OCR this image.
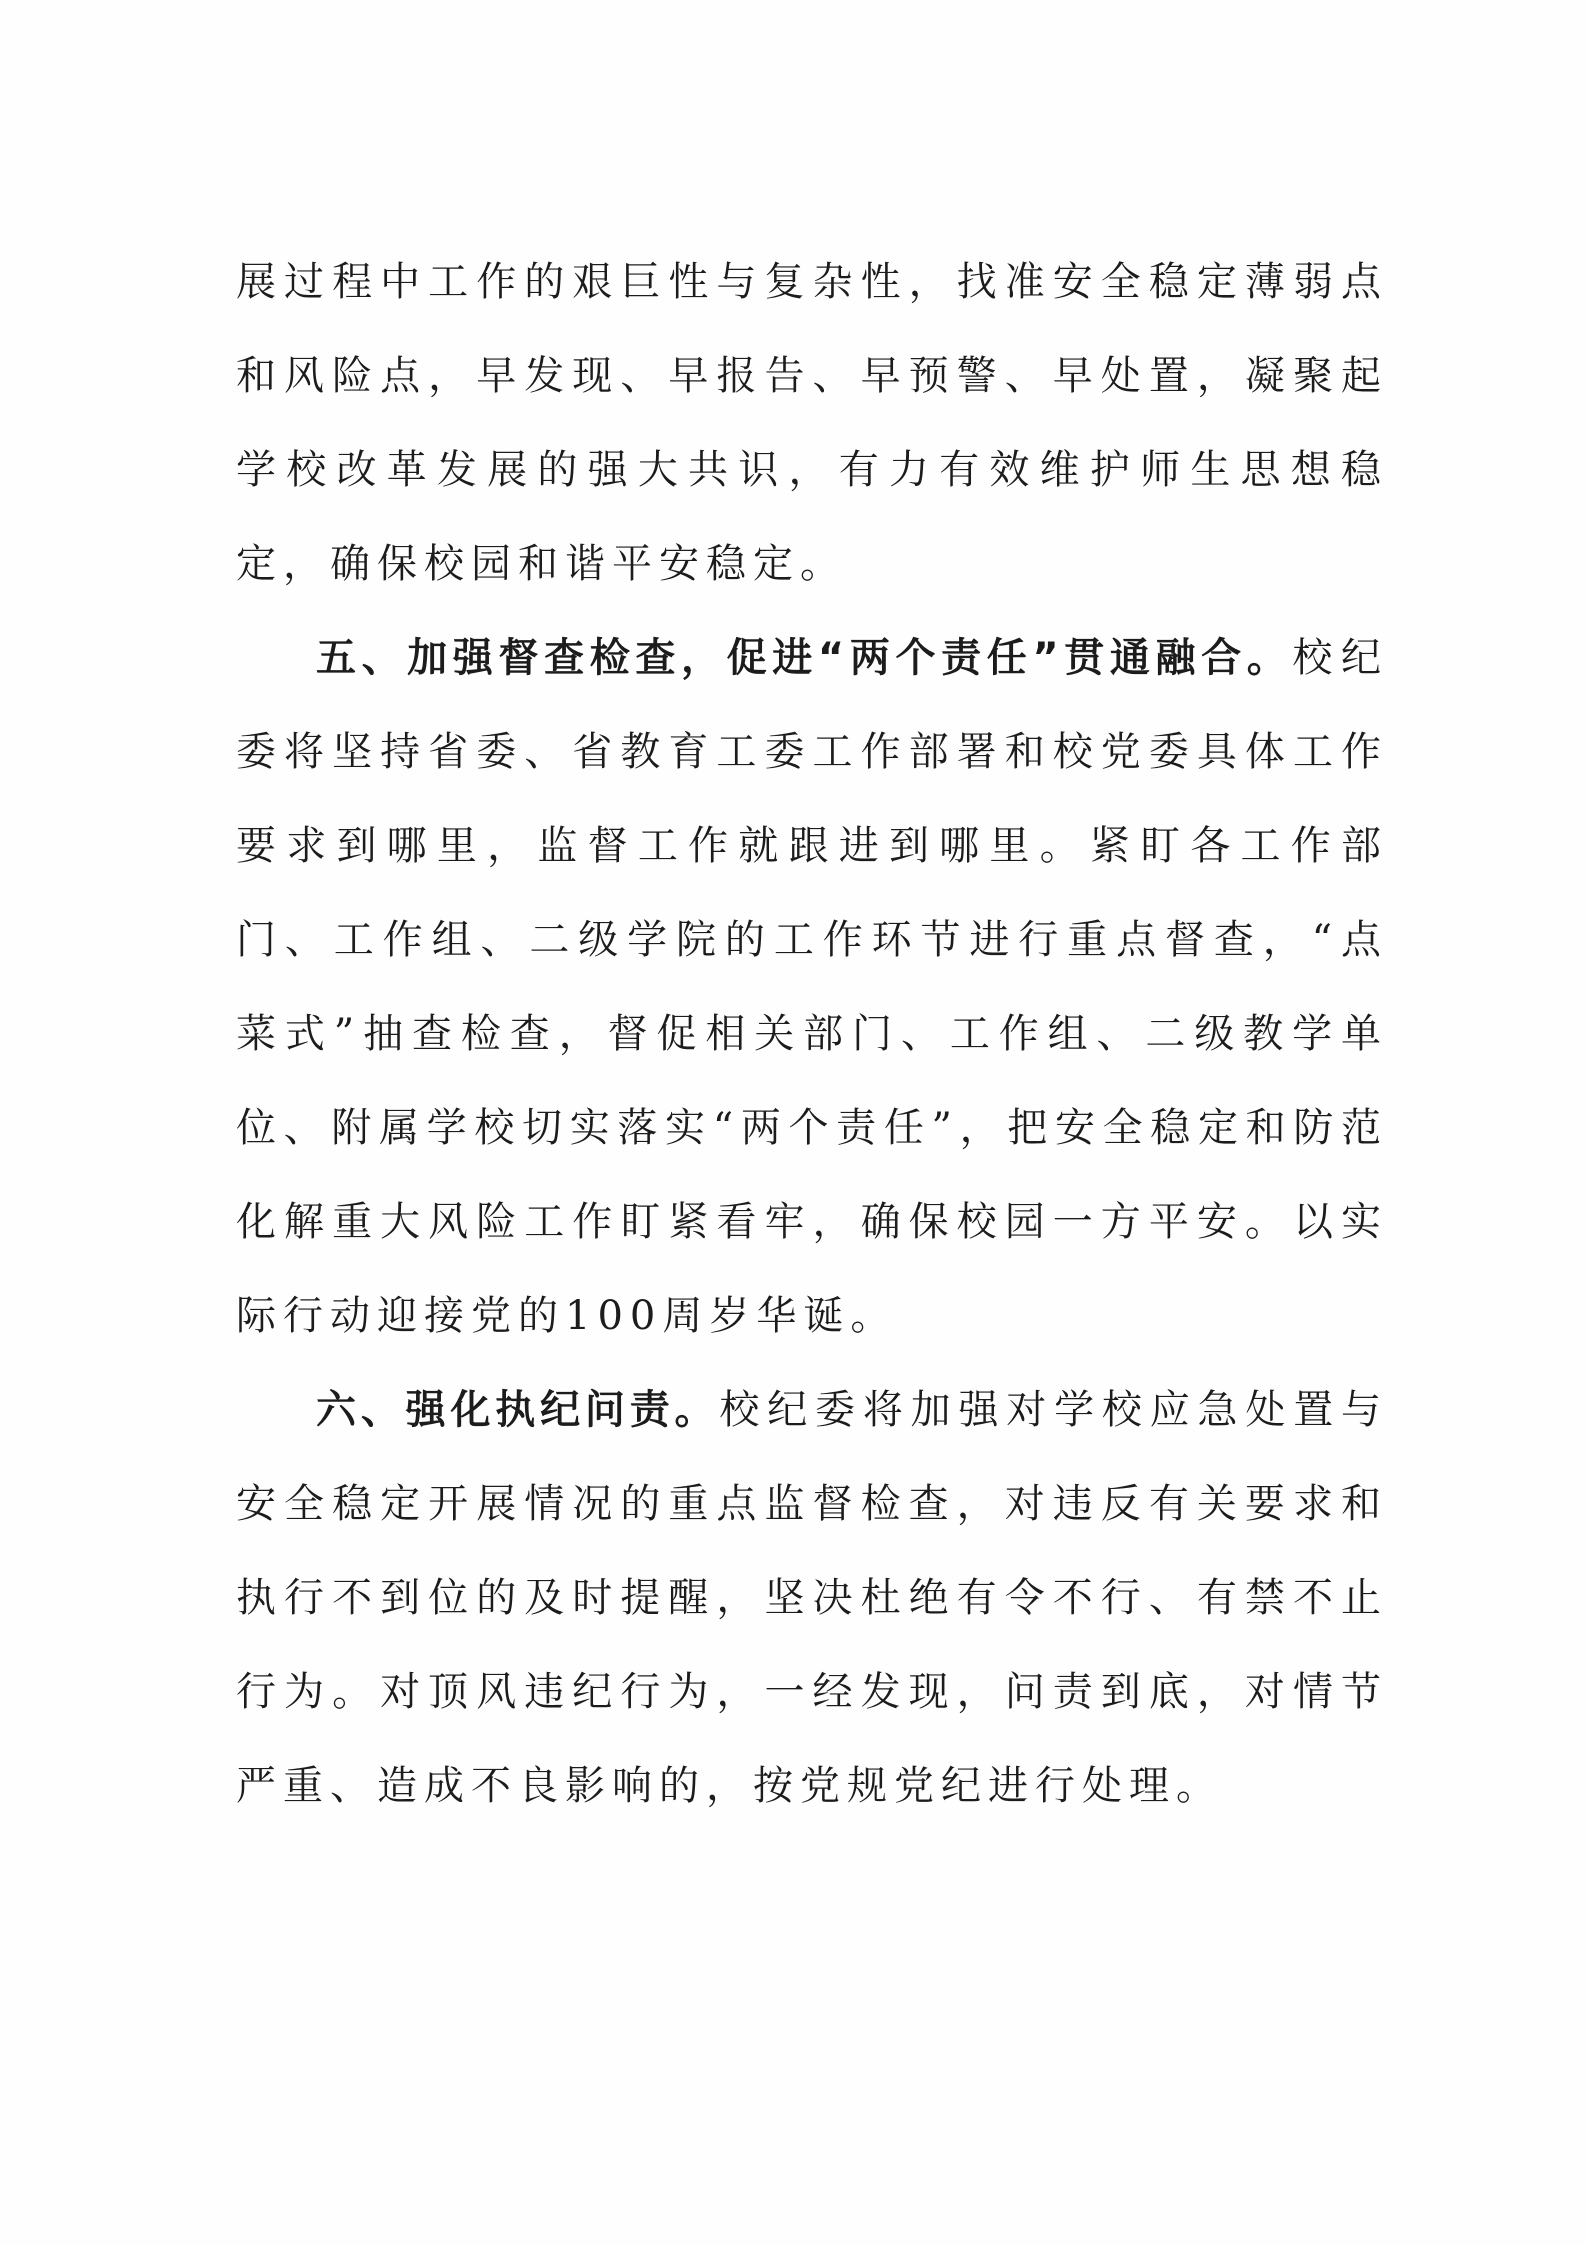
展过程中工作的艰巨性与复杂性，找准安全稳定薄弱点和风险点，早发现、早报告、早预警、早处置，凝聚起学校改革发展的强大共识，有力有效维护师生思想稳定，确保校园和谐平安稳定。

五、加强督查检查，促进“两个责任”贯通融合。校纪委将坚持省委、省教育工委工作部署和校党委具体工作要求到哪里，监督工作就跟进到哪里。紧盯各工作部门、工作组、二级学院的工作环节进行重点督查，“点菜式”抽查检查，督促相关部门、工作组、二级教学单位、附属学校切实落实“两个责任”，把安全稳定和防范化解重大风险工作盯紧看牢，确保校园一方平安。以实际行动迎接党的100周岁华诞。

六、强化执纪问责。校纪委将加强对学校应急处置与安全稳定开展情况的重点监督检查，对违反有关要求和执行不到位的及时提醒，坚决杜绝有令不行、有禁不止行为。对顶风违纪行为，一经发现，问责到底，对情节严重、造成不良影响的，按党规党纪进行处理。
